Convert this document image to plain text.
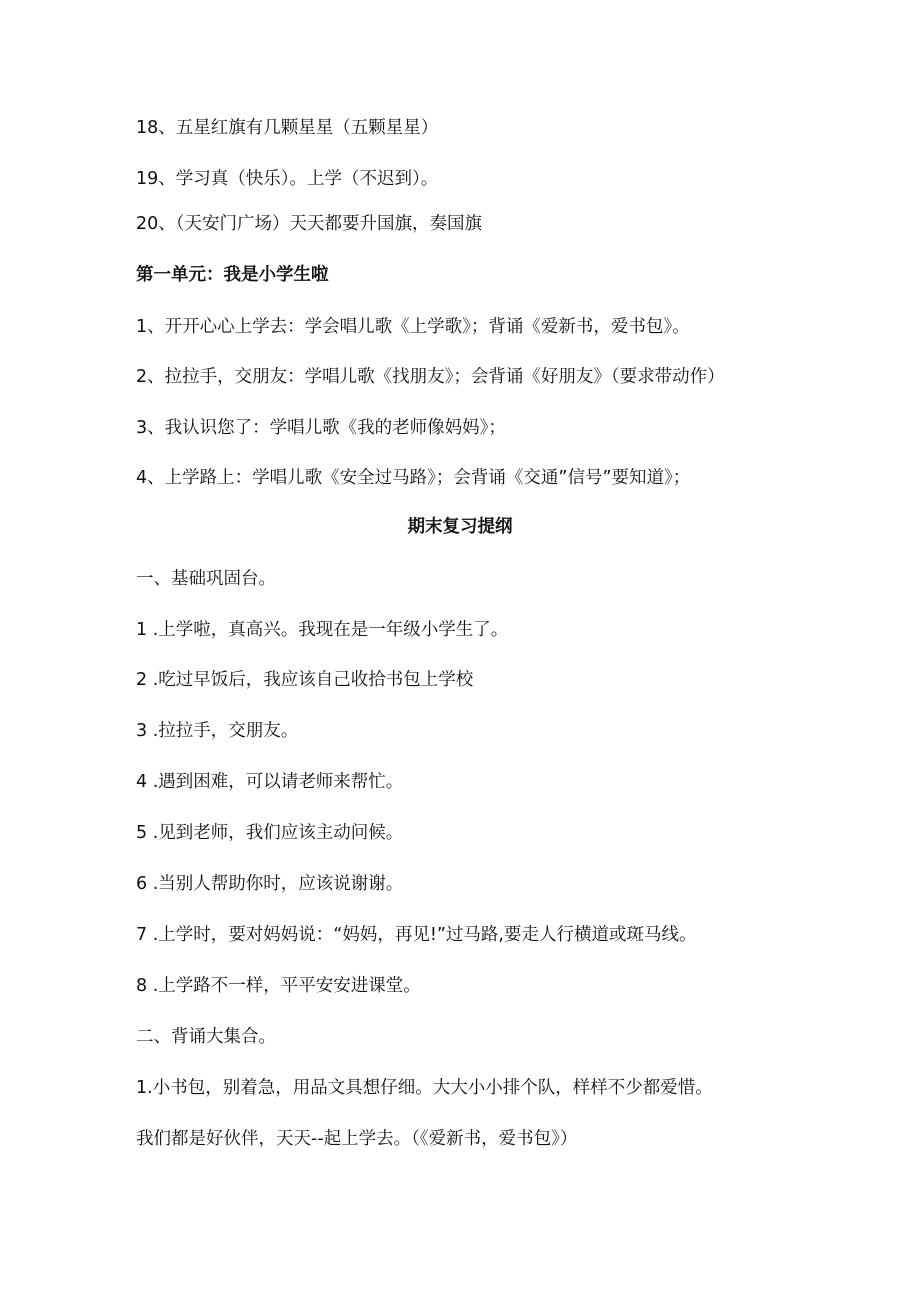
18、五星红旗有几颗星星（五颗星星）
19、学习真（快乐）。上学（不迟到）。
20、（天安门广场）天天都要升国旗，奏国旗
第一单元：我是小学生啦
1、开开心心上学去：学会唱儿歌《上学歌》；背诵《爱新书，爱书包》。
2、拉拉手，交朋友：学唱儿歌《找朋友》；会背诵《好朋友》（要求带动作）
3、我认识您了：学唱儿歌《我的老师像妈妈》；
4、上学路上：学唱儿歌《安全过马路》；会背诵《交通”信号”要知道》；
期末复习提纲
一、基础巩固台。
1 .上学啦，真高兴。我现在是一年级小学生了。
2 .吃过早饭后，我应该自己收拾书包上学校
3 .拉拉手，交朋友。
4 .遇到困难，可以请老师来帮忙。
5 .见到老师，我们应该主动问候。
6 .当别人帮助你时，应该说谢谢。
7 .上学时，要对妈妈说：“妈妈，再见!”过马路,要走人行横道或斑马线。
8 .上学路不一样，平平安安进课堂。
二、背诵大集合。
1.小书包，别着急，用品文具想仔细。大大小小排个队，样样不少都爱惜。
我们都是好伙伴，天天--起上学去。（《爱新书，爱书包》）
